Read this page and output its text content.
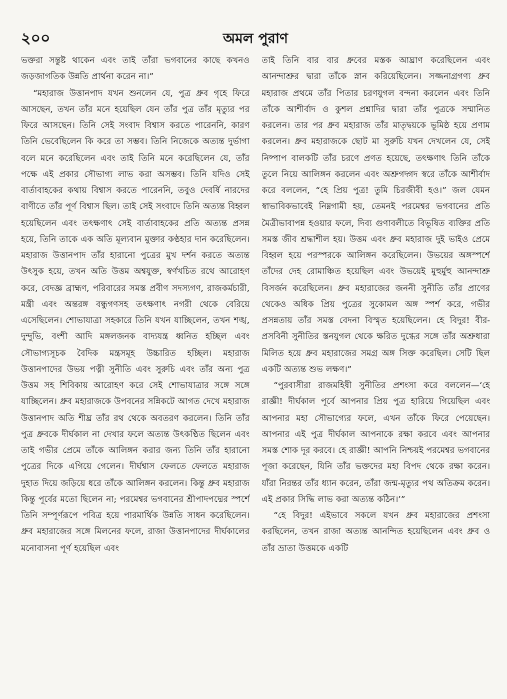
২০০	অমল পুরাণ

ভক্তরা সন্তুষ্ট থাকেন এবং তাই তাঁরা ভগবানের কাছে কখনও জড়জাগতিক উন্নতি প্রার্থনা করেন না।”

“মহারাজ উত্তানপাদ যখন শুনলেন যে, পুত্র ধ্রুব গৃহে ফিরে আসছেন, তখন তাঁর মনে হয়েছিল যেন তাঁর পুত্র তাঁর মৃত্যুর পর ফিরে আসছেন। তিনি সেই সংবাদ বিশ্বাস করতে পারেননি, কারণ তিনি ভেবেছিলেন কি করে তা সম্ভব। তিনি নিজেকে অত্যন্ত দুর্ভাগা বলে মনে করেছিলেন এবং তাই তিনি মনে করেছিলেন যে, তাঁর পক্ষে এই প্রকার সৌভাগ্য লাভ করা অসম্ভব। তিনি যদিও সেই বার্তাবাহকের কথায় বিশ্বাস করতে পারেননি, তবুও দেবর্ষি নারদের বাণীতে তাঁর পূর্ণ বিশ্বাস ছিল। তাই সেই সংবাদে তিনি অত্যন্ত বিহ্বল হয়েছিলেন এবং তৎক্ষণাৎ সেই বার্তাবাহকের প্রতি অত্যন্ত প্রসন্ন হয়ে, তিনি তাকে এক অতি মূল্যবান মুক্তার কণ্ঠহার দান করেছিলেন। মহারাজ উত্তানপাদ তাঁর হারানো পুত্রের মুখ দর্শন করতে অত্যন্ত উৎসুক হয়ে, তখন অতি উত্তম অশ্বযুক্ত, স্বর্ণখচিত রথে আরোহণ করে, বেদজ্ঞ ব্রাহ্মণ, পরিবারের সমস্ত প্রবীণ সদস্যগণ, রাজকর্মচারী, মন্ত্রী এবং অন্তরঙ্গ বন্ধুগণসহ তৎক্ষণাৎ নগরী থেকে বেরিয়ে এসেছিলেন। শোভাযাত্রা সহকারে তিনি যখন যাচ্ছিলেন, তখন শঙ্খ, দুন্দুভি, বংশী আদি মঙ্গলজনক বাদ্যযন্ত্র ধ্বনিত হচ্ছিল এবং সৌভাগ্যসূচক বৈদিক মন্ত্রসমূহ উচ্চারিত হচ্ছিল। মহারাজ উত্তানপাদের উভয় পত্নী সুনীতি এবং সুরুচি এবং তাঁর অন্য পুত্র উত্তম সহ শিবিকায় আরোহণ করে সেই শোভাযাত্রার সঙ্গে সঙ্গে যাচ্ছিলেন। ধ্রুব মহারাজকে উপবনের সন্নিকটে আগত দেখে মহারাজ উত্তানপাদ অতি শীঘ্র তাঁর রথ থেকে অবতরণ করলেন। তিনি তাঁর পুত্র ধ্রুবকে দীর্ঘকাল না দেখার ফলে অত্যন্ত উৎকণ্ঠিত ছিলেন এবং তাই গভীর প্রেমে তাঁকে আলিঙ্গন করার জন্য তিনি তাঁর হারানো পুত্রের দিকে এগিয়ে গেলেন। দীর্ঘশ্বাস ফেলতে ফেলতে মহারাজ দুহাত দিয়ে জড়িয়ে ধরে তাঁকে আলিঙ্গন করলেন। কিন্তু ধ্রুব মহারাজ কিন্তু পূর্বের মতো ছিলেন না; পরমেশ্বর ভগবানের শ্রীপাদপদ্মের স্পর্শে তিনি সম্পূর্ণরূপে পবিত্র হয়ে পারমার্থিক উন্নতি সাধন করেছিলেন। ধ্রুব মহারাজের সঙ্গে মিলনের ফলে, রাজা উত্তানপাদের দীর্ঘকালের মনোবাসনা পূর্ণ হয়েছিল এবং

তাই তিনি বার বার ধ্রুবের মস্তক আঘ্রাণ করেছিলেন এবং আনন্দাশ্রুর দ্বারা তাঁকে স্নান করিয়েছিলেন। সজ্জনাগ্রগণ্য ধ্রুব মহারাজ প্রথমে তাঁর পিতার চরণযুগল বন্দনা করলেন এবং তিনি তাঁকে আশীর্বাদ ও কুশল প্রশ্নাদির দ্বারা তাঁর পুত্রকে সম্মানিত করলেন। তার পর ধ্রুব মহারাজ তাঁর মাতৃদ্বয়কে ভূমিষ্ঠ হয়ে প্রণাম করলেন। ধ্রুব মহারাজকে ছোট মা সুরুচি যখন দেখলেন যে, সেই নিষ্পাপ বালকটি তাঁর চরণে প্রণত হয়েছে, তৎক্ষণাৎ তিনি তাঁকে তুলে নিয়ে আলিঙ্গন করলেন এবং অশ্রুগদ্গদ স্বরে তাঁকে আশীর্বাদ করে বললেন, “হে প্রিয় পুত্র! তুমি চিরজীবী হও।” জল যেমন স্বাভাবিকভাবেই নিম্নগামী হয়, তেমনই পরমেশ্বর ভগবানের প্রতি মৈত্রীভাবাপন্ন হওয়ার ফলে, দিব্য গুণাবলীতে বিভূষিত ব্যক্তির প্রতি সমস্ত জীব শ্রদ্ধাশীল হয়। উত্তম এবং ধ্রুব মহারাজ দুই ভাইও প্রেমে বিহ্বল হয়ে পরস্পরকে আলিঙ্গন করেছিলেন। উভয়ের অঙ্গস্পর্শে তাঁদের দেহ রোমাঞ্চিত হয়েছিল এবং উভয়েই মুহুর্মুহু আনন্দাশ্রু বিসর্জন করেছিলেন। ধ্রুব মহারাজের জননী সুনীতি তাঁর প্রাণের থেকেও অধিক প্রিয় পুত্রের সুকোমল অঙ্গ স্পর্শ করে, গভীর প্রসন্নতায় তাঁর সমস্ত বেদনা বিস্মৃত হয়েছিলেন। হে বিদুর! বীর-প্রসবিনী সুনীতির স্তনযুগল থেকে ক্ষরিত দুগ্ধের সঙ্গে তাঁর অশ্রুধারা মিলিত হয়ে ধ্রুব মহারাজের সমগ্র অঙ্গ সিক্ত করেছিল। সেটি ছিল একটি অত্যন্ত শুভ লক্ষণ।”

“পুরবাসীরা রাজমহিষী সুনীতির প্রশংসা করে বললেন—‘হে রাজ্ঞী! দীর্ঘকাল পূর্বে আপনার প্রিয় পুত্র হারিয়ে গিয়েছিল এবং আপনার মহা সৌভাগ্যের ফলে, এখন তাঁকে ফিরে পেয়েছেন। আপনার এই পুত্র দীর্ঘকাল আপনাকে রক্ষা করবে এবং আপনার সমস্ত শোক দূর করবে। হে রাজ্ঞী! আপনি নিশ্চয়ই পরমেশ্বর ভগবানের পূজা করেছেন, যিনি তাঁর ভক্তদের মহা বিপদ থেকে রক্ষা করেন। যাঁরা নিরন্তর তাঁর ধ্যান করেন, তাঁরা জন্ম-মৃত্যুর পথ অতিক্রম করেন। এই প্রকার সিদ্ধি লাভ করা অত্যন্ত কঠিন।’”

“হে বিদুর! এইভাবে সকলে যখন ধ্রুব মহারাজের প্রশংসা করছিলেন, তখন রাজা অত্যন্ত আনন্দিত হয়েছিলেন এবং ধ্রুব ও তাঁর ভ্রাতা উত্তমকে একটি
